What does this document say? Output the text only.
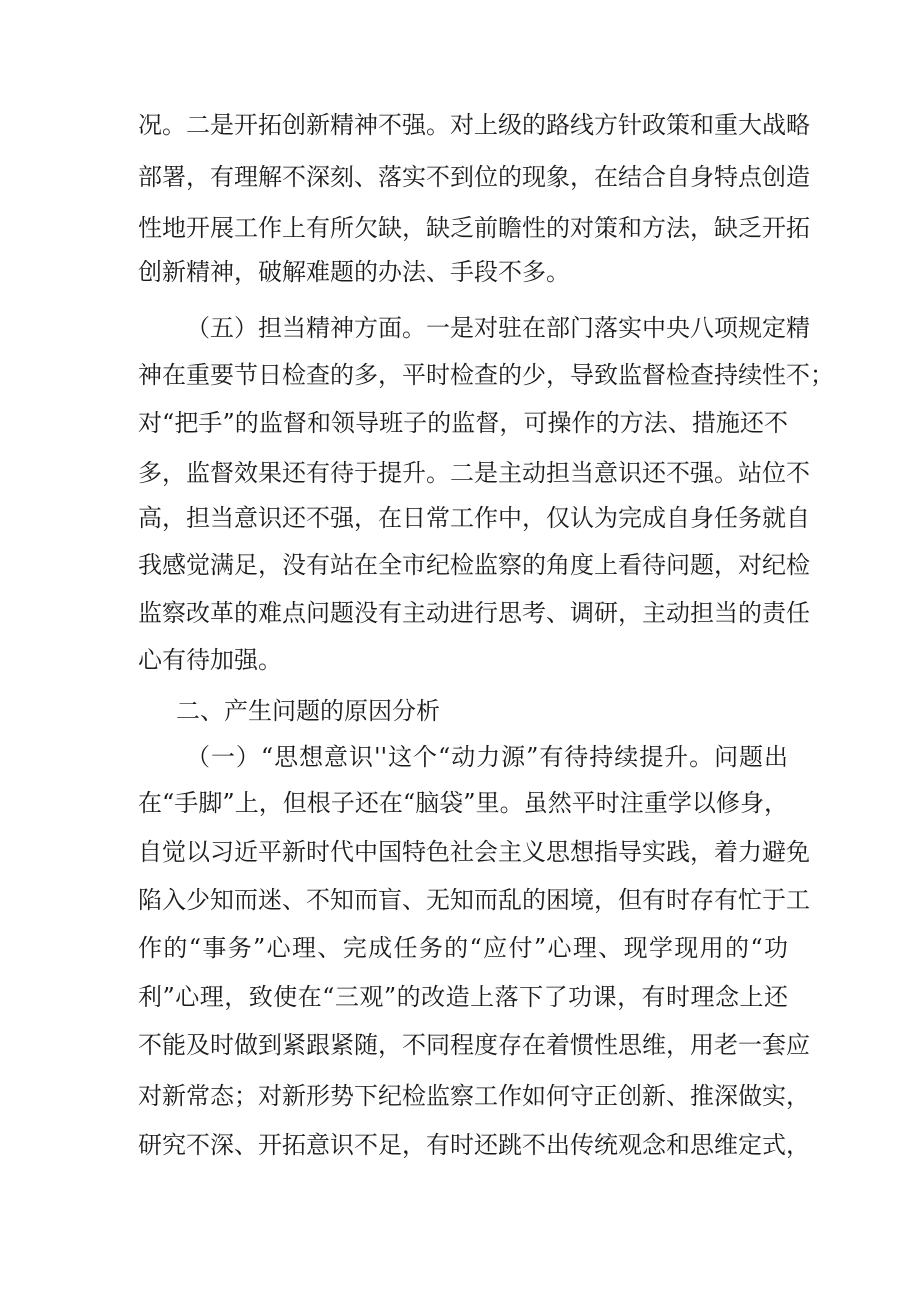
况。二是开拓创新精神不强。对上级的路线方针政策和重大战略
部署，有理解不深刻、落实不到位的现象，在结合自身特点创造
性地开展工作上有所欠缺，缺乏前瞻性的对策和方法，缺乏开拓
创新精神，破解难题的办法、手段不多。
（五）担当精神方面。一是对驻在部门落实中央八项规定精
神在重要节日检查的多，平时检查的少，导致监督检查持续性不；
对“把手”的监督和领导班子的监督，可操作的方法、措施还不
多，监督效果还有待于提升。二是主动担当意识还不强。站位不
高，担当意识还不强，在日常工作中，仅认为完成自身任务就自
我感觉满足，没有站在全市纪检监察的角度上看待问题，对纪检
监察改革的难点问题没有主动进行思考、调研，主动担当的责任
心有待加强。
二、产生问题的原因分析
（一）“思想意识''这个“动力源”有待持续提升。问题出
在“手脚”上，但根子还在“脑袋”里。虽然平时注重学以修身，
自觉以习近平新时代中国特色社会主义思想指导实践，着力避免
陷入少知而迷、不知而盲、无知而乱的困境，但有时存有忙于工
作的“事务”心理、完成任务的“应付”心理、现学现用的“功
利”心理，致使在“三观”的改造上落下了功课，有时理念上还
不能及时做到紧跟紧随，不同程度存在着惯性思维，用老一套应
对新常态；对新形势下纪检监察工作如何守正创新、推深做实，
研究不深、开拓意识不足，有时还跳不出传统观念和思维定式，
